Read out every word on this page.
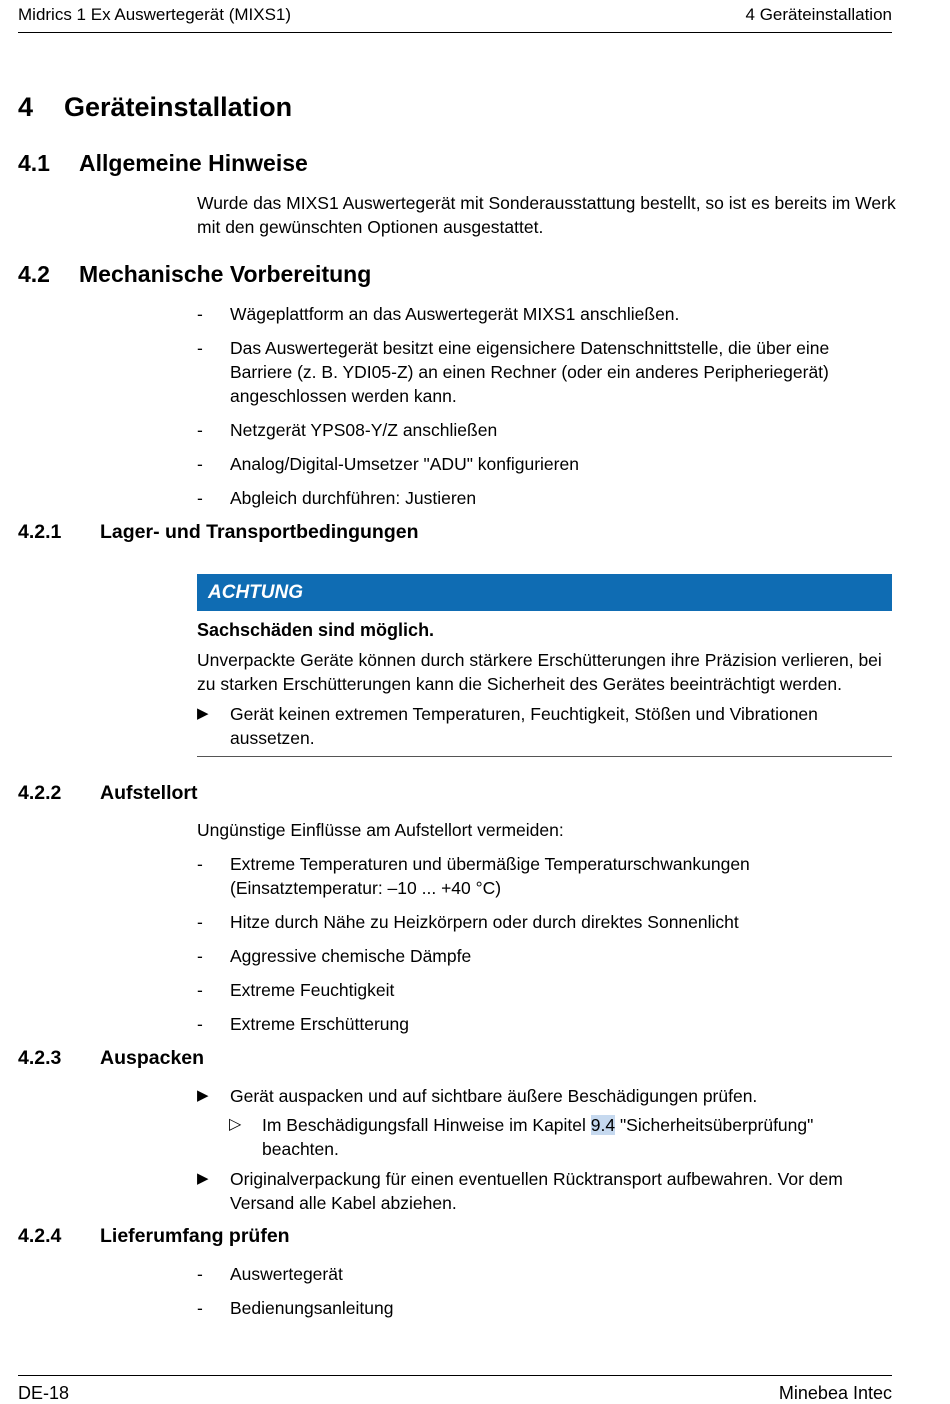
Midrics 1 Ex Auswertegerät (MIXS1)	4 Geräteinstallation
4 Geräteinstallation
4.1 Allgemeine Hinweise
Wurde das MIXS1 Auswertegerät mit Sonderausstattung bestellt, so ist es bereits im Werk
mit den gewünschten Optionen ausgestattet.
4.2 Mechanische Vorbereitung
-	Wägeplattform an das Auswertegerät MIXS1 anschließen.
-	Das Auswertegerät besitzt eine eigensichere Datenschnittstelle, die über eine
Barriere (z. B. YDI05-Z) an einen Rechner (oder ein anderes Peripheriegerät)
angeschlossen werden kann.
-	Netzgerät YPS08-Y/Z anschließen
-	Analog/Digital-Umsetzer "ADU" konfigurieren
-	Abgleich durchführen: Justieren
4.2.1 Lager- und Transportbedingungen
ACHTUNG
Sachschäden sind möglich.
Unverpackte Geräte können durch stärkere Erschütterungen ihre Präzision verlieren, bei
zu starken Erschütterungen kann die Sicherheit des Gerätes beeinträchtigt werden.
▶	Gerät keinen extremen Temperaturen, Feuchtigkeit, Stößen und Vibrationen
aussetzen.
4.2.2 Aufstellort
Ungünstige Einflüsse am Aufstellort vermeiden:
-	Extreme Temperaturen und übermäßige Temperaturschwankungen
(Einsatztemperatur: –10 ... +40 °C)
-	Hitze durch Nähe zu Heizkörpern oder durch direktes Sonnenlicht
-	Aggressive chemische Dämpfe
-	Extreme Feuchtigkeit
-	Extreme Erschütterung
4.2.3 Auspacken
▶	Gerät auspacken und auf sichtbare äußere Beschädigungen prüfen.
▷ Im Beschädigungsfall Hinweise im Kapitel 9.4 "Sicherheitsüberprüfung"
beachten.
▶	Originalverpackung für einen eventuellen Rücktransport aufbewahren. Vor dem
Versand alle Kabel abziehen.
4.2.4 Lieferumfang prüfen
-	Auswertegerät
-	Bedienungsanleitung
DE-18	Minebea Intec
